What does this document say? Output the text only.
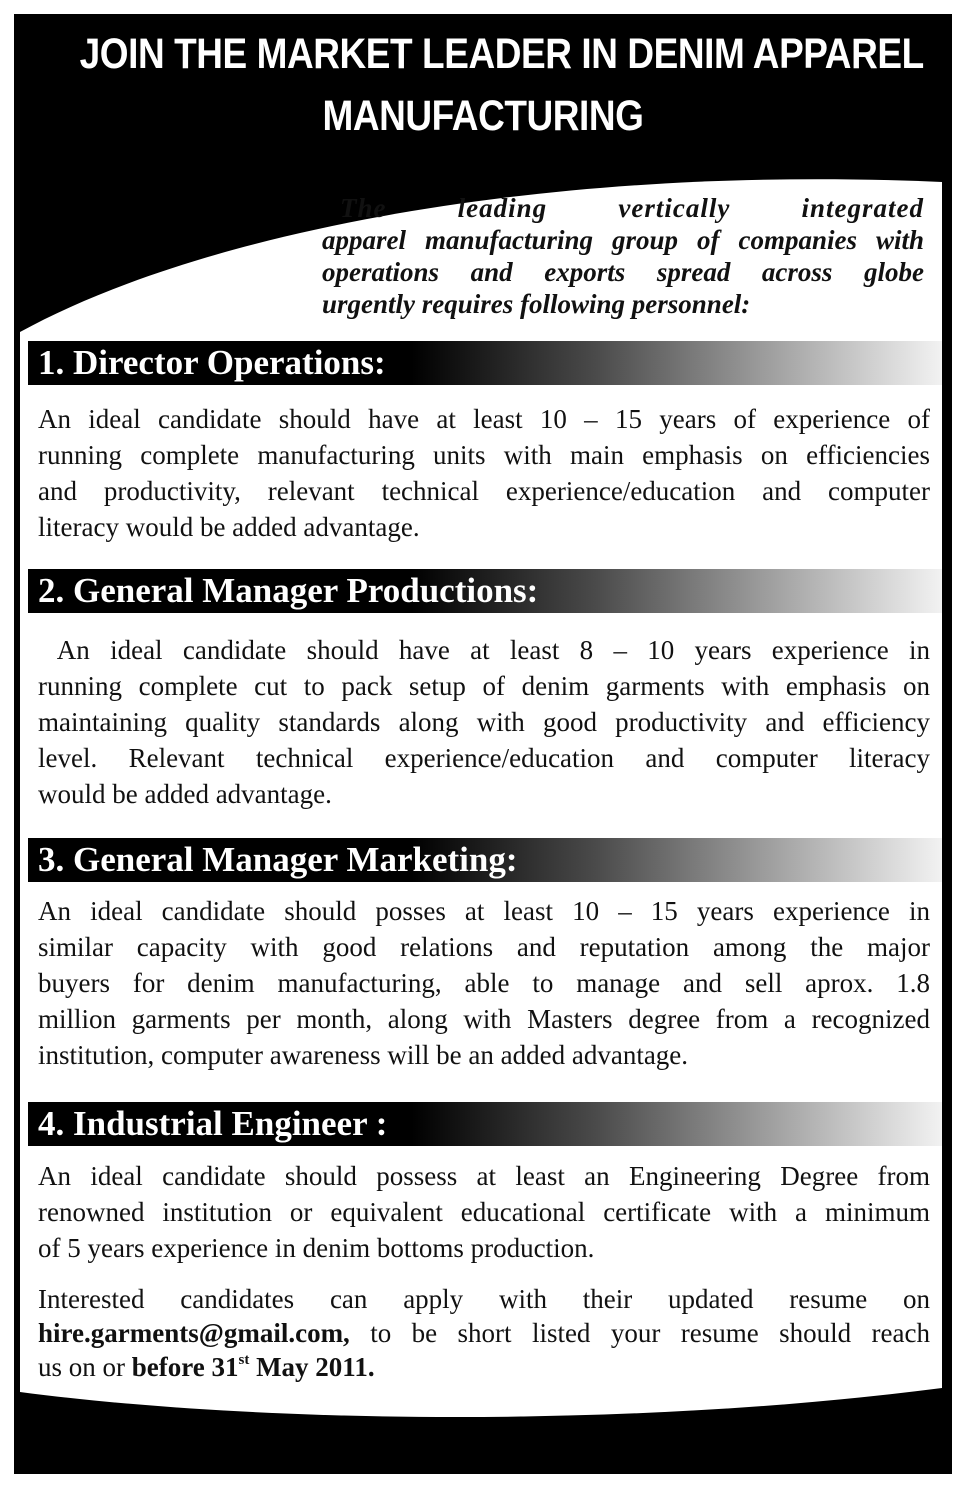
JOIN THE MARKET LEADER IN DENIM APPAREL
MANUFACTURING
The leading vertically integrated
apparel manufacturing group of companies with
operations and exports spread across globe
urgently requires following personnel:
1. Director Operations:
An ideal candidate should have at least 10 – 15 years of experience of
running complete manufacturing units with main emphasis on efficiencies
and productivity, relevant technical experience/education and computer
literacy would be added advantage.
2. General Manager Productions:
An ideal candidate should have at least 8 – 10 years experience in
running complete cut to pack setup of denim garments with emphasis on
maintaining quality standards along with good productivity and efficiency
level. Relevant technical experience/education and computer literacy
would be added advantage.
3. General Manager Marketing:
An ideal candidate should posses at least 10 – 15 years experience in
similar capacity with good relations and reputation among the major
buyers for denim manufacturing, able to manage and sell aprox. 1.8
million garments per month, along with Masters degree from a recognized
institution, computer awareness will be an added advantage.
4. Industrial Engineer :
An ideal candidate should possess at least an Engineering Degree from
renowned institution or equivalent educational certificate with a minimum
of 5 years experience in denim bottoms production.
Interested candidates can apply with their updated resume on
hire.garments@gmail.com, to be short listed your resume should reach
us on or before 31st May 2011.
